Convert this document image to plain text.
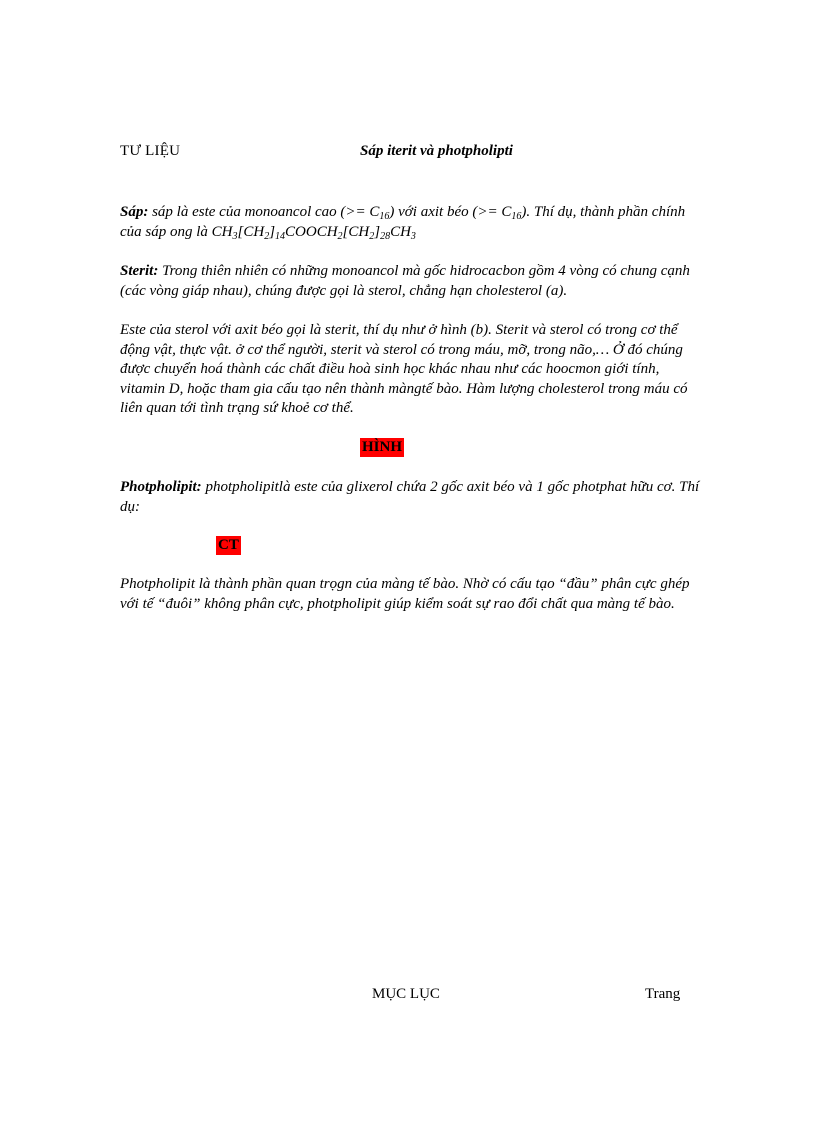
TƯ LIỆU	Sáp iterit và photpholipti

Sáp: sáp là este của monoancol cao (>= $C_{16}$) với axit béo (>= $C_{16}$). Thí dụ, thành phần chính của sáp ong là $CH_3[CH_2]_{14}COOCH_2[CH_2]_{28}CH_3$

Sterit: Trong thiên nhiên có những monoancol mà gốc hidrocacbon gồm 4 vòng có chung cạnh (các vòng giáp nhau), chúng được gọi là sterol, chẳng hạn cholesterol (a).

Este của sterol với axit béo gọi là sterit, thí dụ như ở hình (b). Sterit và sterol có trong cơ thể động vật, thực vật. ở cơ thể người, sterit và sterol có trong máu, mỡ, trong não,… Ở đó chúng được chuyển hoá thành các chất điều hoà sinh học khác nhau như các hoocmon giới tính, vitamin D, hoặc tham gia cấu tạo nên thành màngtế bào. Hàm lượng cholesterol trong máu có liên quan tới tình trạng sứ khoẻ cơ thể.

HÌNH

Photpholipit: photpholipitlà este của glixerol chứa 2 gốc axit béo và 1 gốc photphat hữu cơ. Thí dụ:

CT

Photpholipit là thành phần quan trọgn của màng tế bào. Nhờ có cấu tạo “đầu” phân cực ghép với tế “đuôi” không phân cực, photpholipit giúp kiểm soát sự rao đổi chất qua màng tế bào.

MỤC LỤC	Trang
